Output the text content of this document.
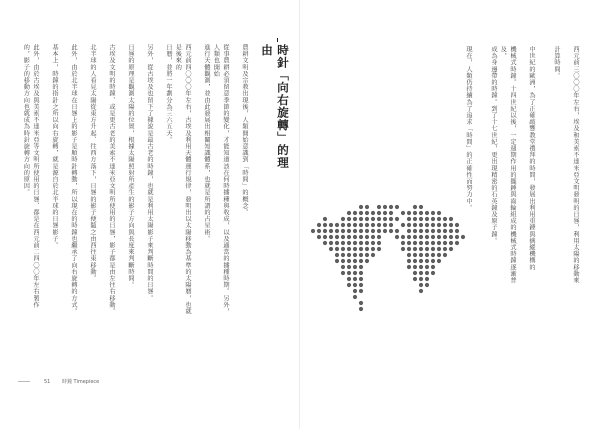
時針「向右旋轉」的理由
農耕文明及宗教出現後，人類開始意識到「時間」的概念。
從事農耕必須留意季節的變化，才能知道該在何時播種與收成，以及適當的播種時期。另外，人類也開始
進行天體觀測，並由此發展出相關知識體系，也就是所謂的占星術。
西元前四〇〇〇年左右，古埃及利用天體運行規律，發明出以太陽移動為基準的太陽曆，也就是後來的
日曆，並將一年劃分為三六五天。
另外，從古埃及也留下了據說是最古老的時鐘，也就是利用太陽影子來判斷時間的日晷。
日晷的原理是觀測太陽的位置，根據太陽照射所產生的影子方向與長度來判斷時間。
古埃及文明的時鐘、或是更古老的美索不達米亞文明所使用的日晷，影子都是由左往右移動。
北半球的人看見太陽從東方升起、往西方落下，日晷的影子便隨之由西往東移動。
此外，由於北半球在日晷上的影子是順時針轉動，所以現在的時鐘也繼承了向右旋轉的方式。
基本上，時鐘的指針之所以向右旋轉，就是源自於北半球的日晷影子。
此外，由於古埃及與美索不達米亞等文明所使用的日晷、都是在西元前二四〇〇年左右製作的，影子的移動方向也就成為時針旋轉方向的原因。
51 時鐘 Timepiece
西元前三〇〇〇年左右，埃及和美索不達米亞文明發明的日晷，利用太陽的移動來
計算時間。
中世紀的歐洲，為了正確敲響教堂禮拜的時間，發展出利用重錘與擒縱機構的
機械式時鐘。十四世紀以後，一定週期作用的擺錘與齒輪組成的機械式時鐘逐漸普及，
成為身邊帶的時鐘。到了十七世紀，更出現精密的石英鐘及原子鐘。
現在，人類仍持續為了追求「時間」的正確性而努力中。
